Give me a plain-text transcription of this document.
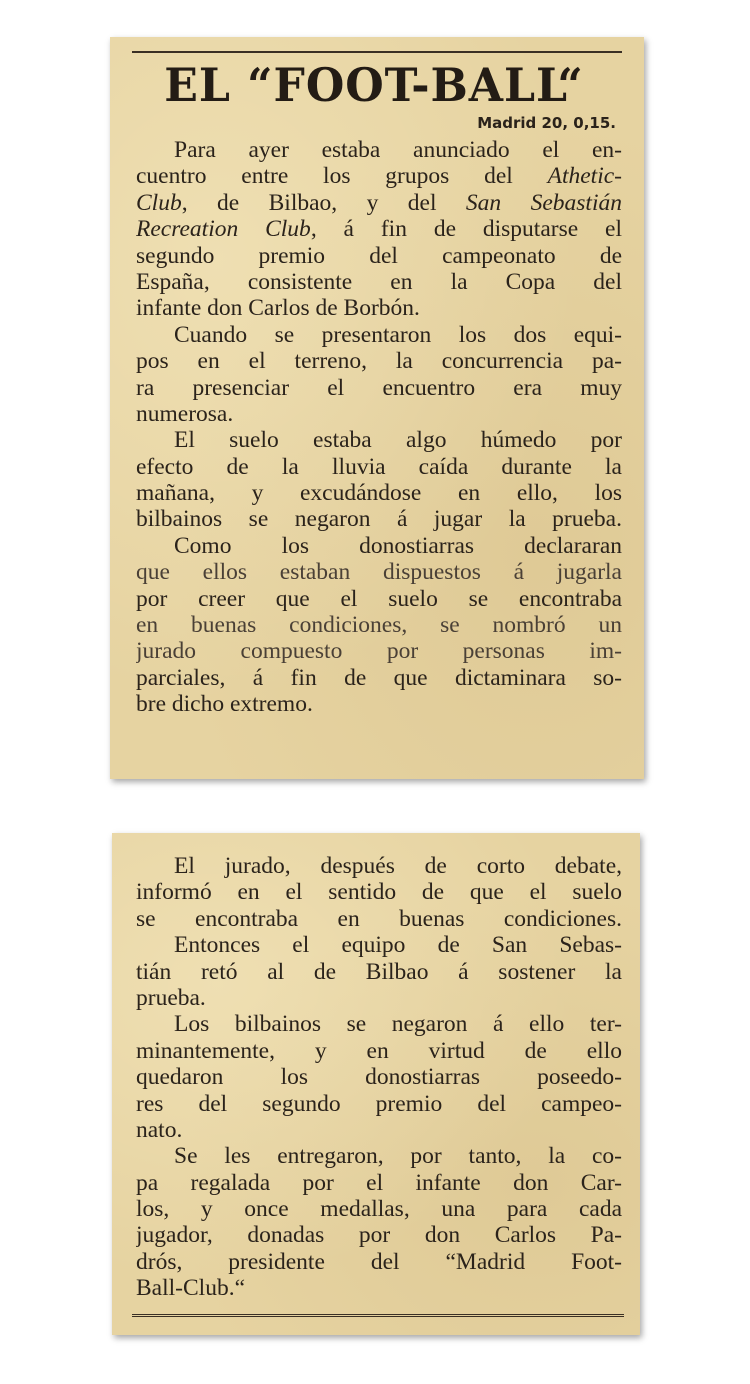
EL “FOOT-BALL“
Madrid 20, 0,15.
Para ayer estaba anunciado el en-
cuentro entre los grupos del Athetic-
Club, de Bilbao, y del San Sebastián
Recreation Club, á fin de disputarse el
segundo premio del campeonato de
España, consistente en la Copa del
infante don Carlos de Borbón.
Cuando se presentaron los dos equi-
pos en el terreno, la concurrencia pa-
ra presenciar el encuentro era muy
numerosa.
El suelo estaba algo húmedo por
efecto de la lluvia caída durante la
mañana, y excudándose en ello, los
bilbainos se negaron á jugar la prueba.
Como los donostiarras declararan
que ellos estaban dispuestos á jugarla
por creer que el suelo se encontraba
en buenas condiciones, se nombró un
jurado compuesto por personas im-
parciales, á fin de que dictaminara so-
bre dicho extremo.
El jurado, después de corto debate,
informó en el sentido de que el suelo
se encontraba en buenas condiciones.
Entonces el equipo de San Sebas-
tián retó al de Bilbao á sostener la
prueba.
Los bilbainos se negaron á ello ter-
minantemente, y en virtud de ello
quedaron los donostiarras poseedo-
res del segundo premio del campeo-
nato.
Se les entregaron, por tanto, la co-
pa regalada por el infante don Car-
los, y once medallas, una para cada
jugador, donadas por don Carlos Pa-
drós, presidente del “Madrid Foot-
Ball-Club.“
